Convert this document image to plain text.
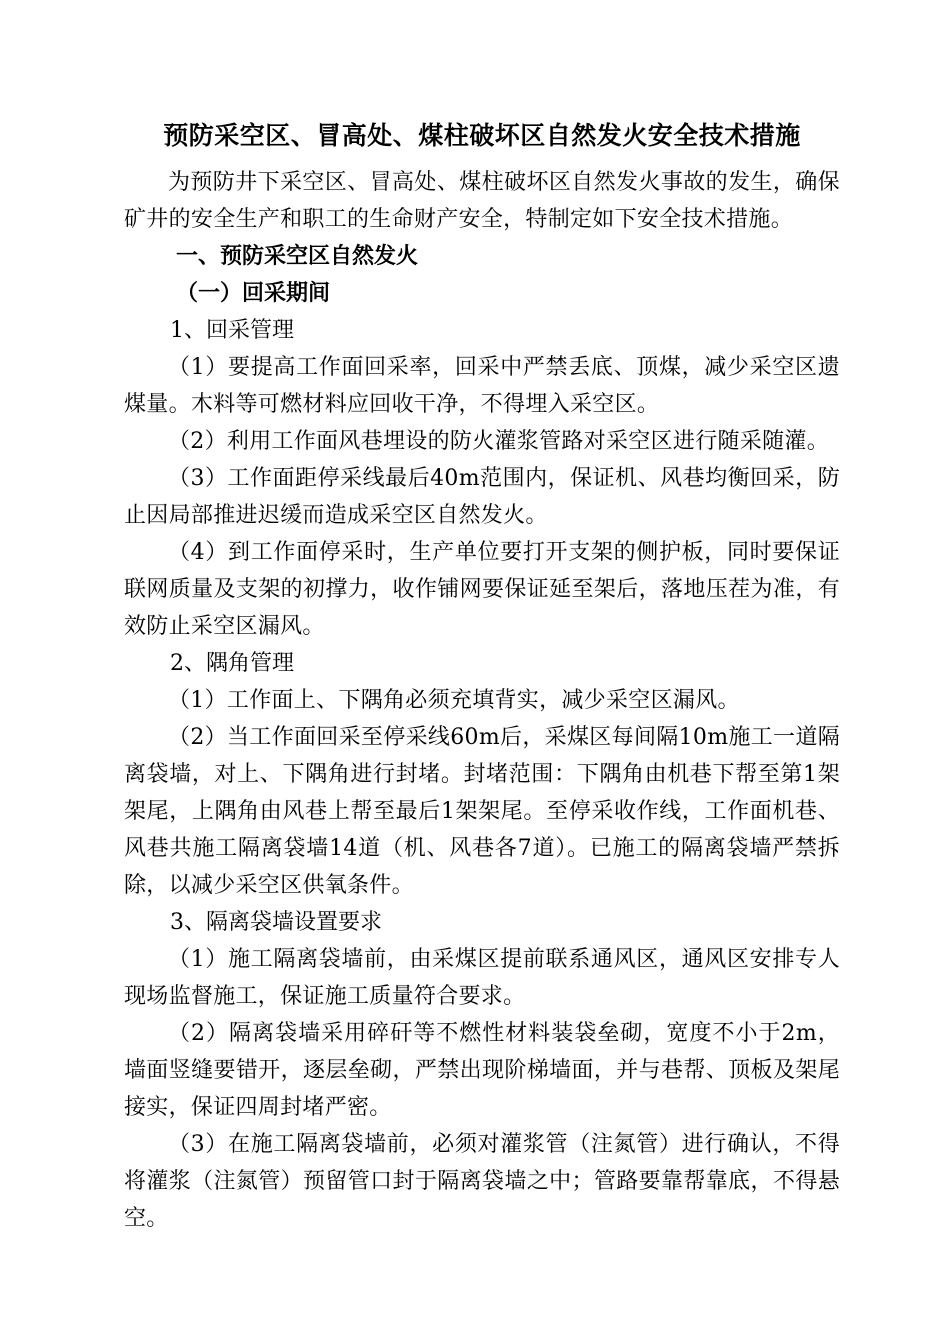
预防采空区、冒高处、煤柱破坏区自然发火安全技术措施

为预防井下采空区、冒高处、煤柱破坏区自然发火事故的发生，确保矿井的安全生产和职工的生命财产安全，特制定如下安全技术措施。

一、预防采空区自然发火
（一）回采期间
1、回采管理

（1）要提高工作面回采率，回采中严禁丢底、顶煤，减少采空区遗煤量。木料等可燃材料应回收干净，不得埋入采空区。

（2）利用工作面风巷埋设的防火灌浆管路对采空区进行随采随灌。

（3）工作面距停采线最后40m范围内，保证机、风巷均衡回采，防止因局部推进迟缓而造成采空区自然发火。

（4）到工作面停采时，生产单位要打开支架的侧护板，同时要保证联网质量及支架的初撑力，收作铺网要保证延至架后，落地压茬为准，有效防止采空区漏风。

2、隅角管理

（1）工作面上、下隅角必须充填背实，减少采空区漏风。

（2）当工作面回采至停采线60m后，采煤区每间隔10m施工一道隔离袋墙，对上、下隅角进行封堵。封堵范围：下隅角由机巷下帮至第1架架尾，上隅角由风巷上帮至最后1架架尾。至停采收作线，工作面机巷、风巷共施工隔离袋墙14道（机、风巷各7道）。已施工的隔离袋墙严禁拆除，以减少采空区供氧条件。

3、隔离袋墙设置要求

（1）施工隔离袋墙前，由采煤区提前联系通风区，通风区安排专人现场监督施工，保证施工质量符合要求。

（2）隔离袋墙采用碎矸等不燃性材料装袋垒砌，宽度不小于2m，墙面竖缝要错开，逐层垒砌，严禁出现阶梯墙面，并与巷帮、顶板及架尾接实，保证四周封堵严密。

（3）在施工隔离袋墙前，必须对灌浆管（注氮管）进行确认，不得将灌浆（注氮管）预留管口封于隔离袋墙之中；管路要靠帮靠底，不得悬空。
